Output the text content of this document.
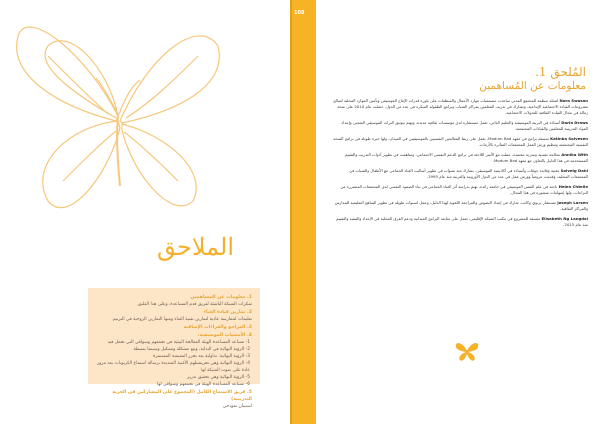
الملاحق
1. معلومات عن المساهمين
شكرات الشبكة الناشئة لفريق قدم المساعدة، وعلى هذا الفليق.
2. تمارين قيادة الغناء
تعليمات لممارسة عادية لتمارين تقنية الغناء ومنها التمارين الروحية في الترنيم.
3. المراجع والقراءات الإضافية
4. الأمسيات الموسيقية:
1- مساعد المساعدة الهيئة المعالجة البيئية في تجمعهم وسواقي التي تحمل فيه
2- الرؤية النهائية في البداية، وتبع مشكلة وتشكيل وسينما بسيطة
3- الرؤية النهائية: تداولية بعد تحرر المعيشة المستمرة
4- الرؤية النهائية وهي تحريشتلهم الأغنية الشديدة برسالة استماع الكرتونات بعد مرور عادة على صوت الشبكة لها
5- الرؤية النهائية وهي تحقيق تدرير
6- مساعد المساعدة الهيئة في تجمعهم وسواقي لها
5. فريق الاستماع الكامل (المجموع على المشاركين في الجرية التدريبية)
استبيان نموذجي
108
المُلحق 1.
معلومات عن المُساهمين
Nora Swasan مُمثلة منظمة للمجتمع المدني ساعدت مصمميات موارد الأعمال والمنظمات على بلورة قدرات الإنتاج الموسيقي وتأمين الموارد المحلية لصالح مشروعات القيادة الاجتماعية الإبداعية، وتشارك في تدريب المعلمين بمراكز الشباب وبرامج الطفولة المبكرة في عدد من الدول. حصلت عام 2010 على منحة زمالة في مجال القيادة الثقافية للتحولات الاجتماعية.
Darla Draws أستاذة في التربية الموسيقية والتعليم الذاتي، تعمل مستشارة لدى مؤسسات ثقافية عديدة، وتهتم بتوثيق التراث الموسيقي الشعبي وإعداد المواد التدريبية للمعلمين والقيادات المجتمعية.
Katinka Salvesen منسقة برامج في معهد Modum Bad، تعمل على ربط المعالجين النفسيين بالموسيقيين في الميدان، ولها خبرة طويلة في برامج الصحة النفسية المجتمعية وتنظيم ورش العمل للمجتمعات المتأثرة بالأزمات.
Annika With معالجة نفسية ومدربة معتمدة، عملت مع الأسر اللاجئة في برامج الدعم النفسي الاجتماعي، وساهمت في تطوير أدوات التدريب والتقييم المستخدمة في هذا الدليل بالتعاون مع معهد Modum Bad.
Solveig Dahl مغنية وقائدة جوقات وأستاذة في أكاديمية الموسيقى، تشارك منذ سنوات في تطوير أساليب الغناء الجماعي مع الأطفال والشباب في المجتمعات المحلية، وقدمت عروضاً وورش عمل في عدد من الدول الأوروبية والعربية منذ عام 1995.
Helen Chtelle باحثة في علم النفس الموسيقي في جامعة رائدة، تهتم بدراسة أثر الغناء الجماعي في بناء الصمود النفسي لدى المجتمعات المتضررة من النزاعات، ولها إسهامات منشورة في هذا المجال.
Joseph Larsen مستشار تربوي وكاتب، شارك في إعداد النصوص والمراجعة اللغوية لهذا الدليل، وعمل لسنوات طويلة في تطوير المناهج التعليمية للمدارس والمراكز الثقافية.
Elisabeth Ng Langdal منسقة للمشروع في مكتب الشبكة الإقليمي، تعمل على متابعة البرامج الميدانية ودعم الفرق المحلية في الإعداد والتنفيذ والتقييم منذ عام 2015.
